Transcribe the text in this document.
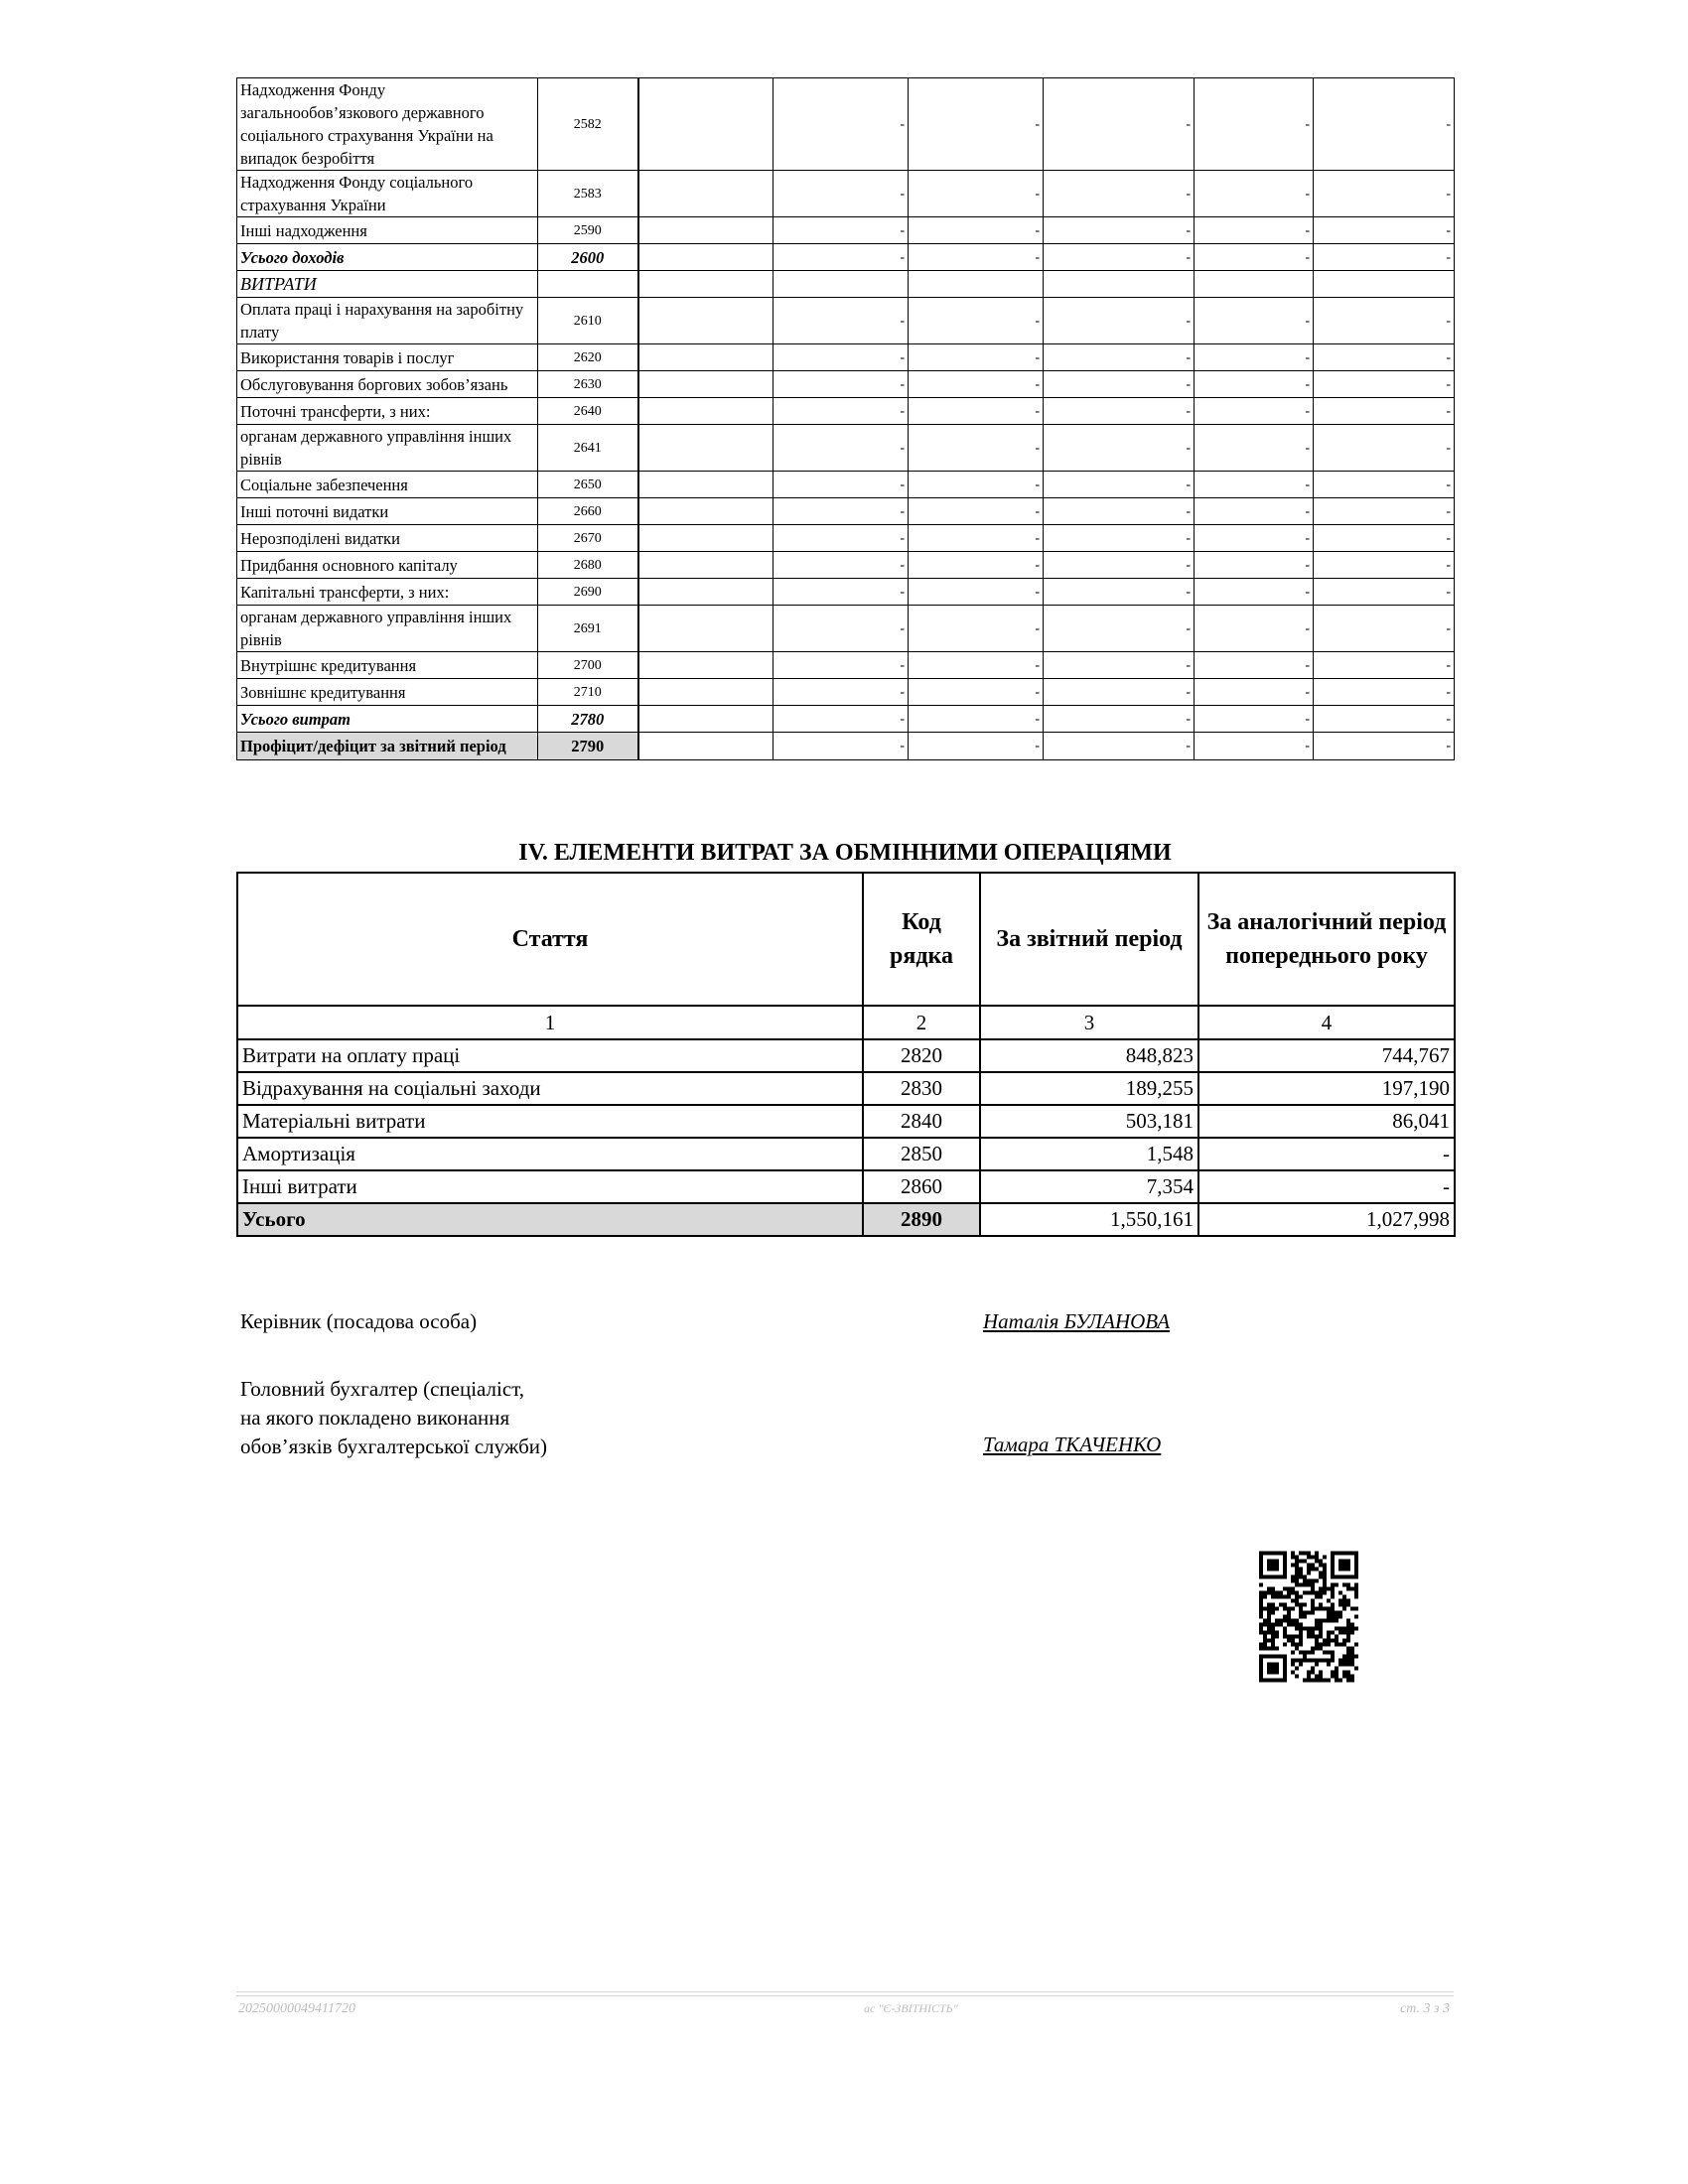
Надходження Фонду загальнообов’язкового державного соціального страхування України на випадок безробіття	2582		-	-	-	-	-	
Надходження Фонду соціального страхування України	2583		-	-	-	-	-	
Інші надходження	2590		-	-	-	-	-	
Усього доходів	2600		-	-	-	-	-	
ВИТРАТИ								
Оплата праці і нарахування на заробітну плату	2610		-	-	-	-	-	
Використання товарів і послуг	2620		-	-	-	-	-	
Обслуговування боргових зобов’язань	2630		-	-	-	-	-	
Поточні трансферти, з них:	2640		-	-	-	-	-	
органам державного управління інших рівнів	2641		-	-	-	-	-	
Соціальне забезпечення	2650		-	-	-	-	-	
Інші поточні видатки	2660		-	-	-	-	-	
Нерозподілені видатки	2670		-	-	-	-	-	
Придбання основного капіталу	2680		-	-	-	-	-	
Капітальні трансферти, з них:	2690		-	-	-	-	-	
органам державного управління інших рівнів	2691		-	-	-	-	-	
Внутрішнє кредитування	2700		-	-	-	-	-	
Зовнішнє кредитування	2710		-	-	-	-	-	
Усього витрат	2780		-	-	-	-	-	
Профіцит/дефіцит за звітний період	2790		-	-	-	-	-	
IV. ЕЛЕМЕНТИ ВИТРАТ ЗА ОБМІННИМИ ОПЕРАЦІЯМИ
Стаття	Код рядка	За звітний період	За аналогічний період попереднього року
1	2	3	4
Витрати на оплату праці	2820	848,823	744,767
Відрахування на соціальні заходи	2830	189,255	197,190
Матеріальні витрати	2840	503,181	86,041
Амортизація	2850	1,548	-
Інші витрати	2860	7,354	-
Усього	2890	1,550,161	1,027,998

Керівник (посадова особа)	Наталія БУЛАНОВА
Головний бухгалтер (спеціаліст,
на якого покладено виконання
обов’язків бухгалтерської служби)	Тамара ТКАЧЕНКО
20250000049411720	ас "Є-ЗВІТНІСТЬ"	ст. 3 з 3
